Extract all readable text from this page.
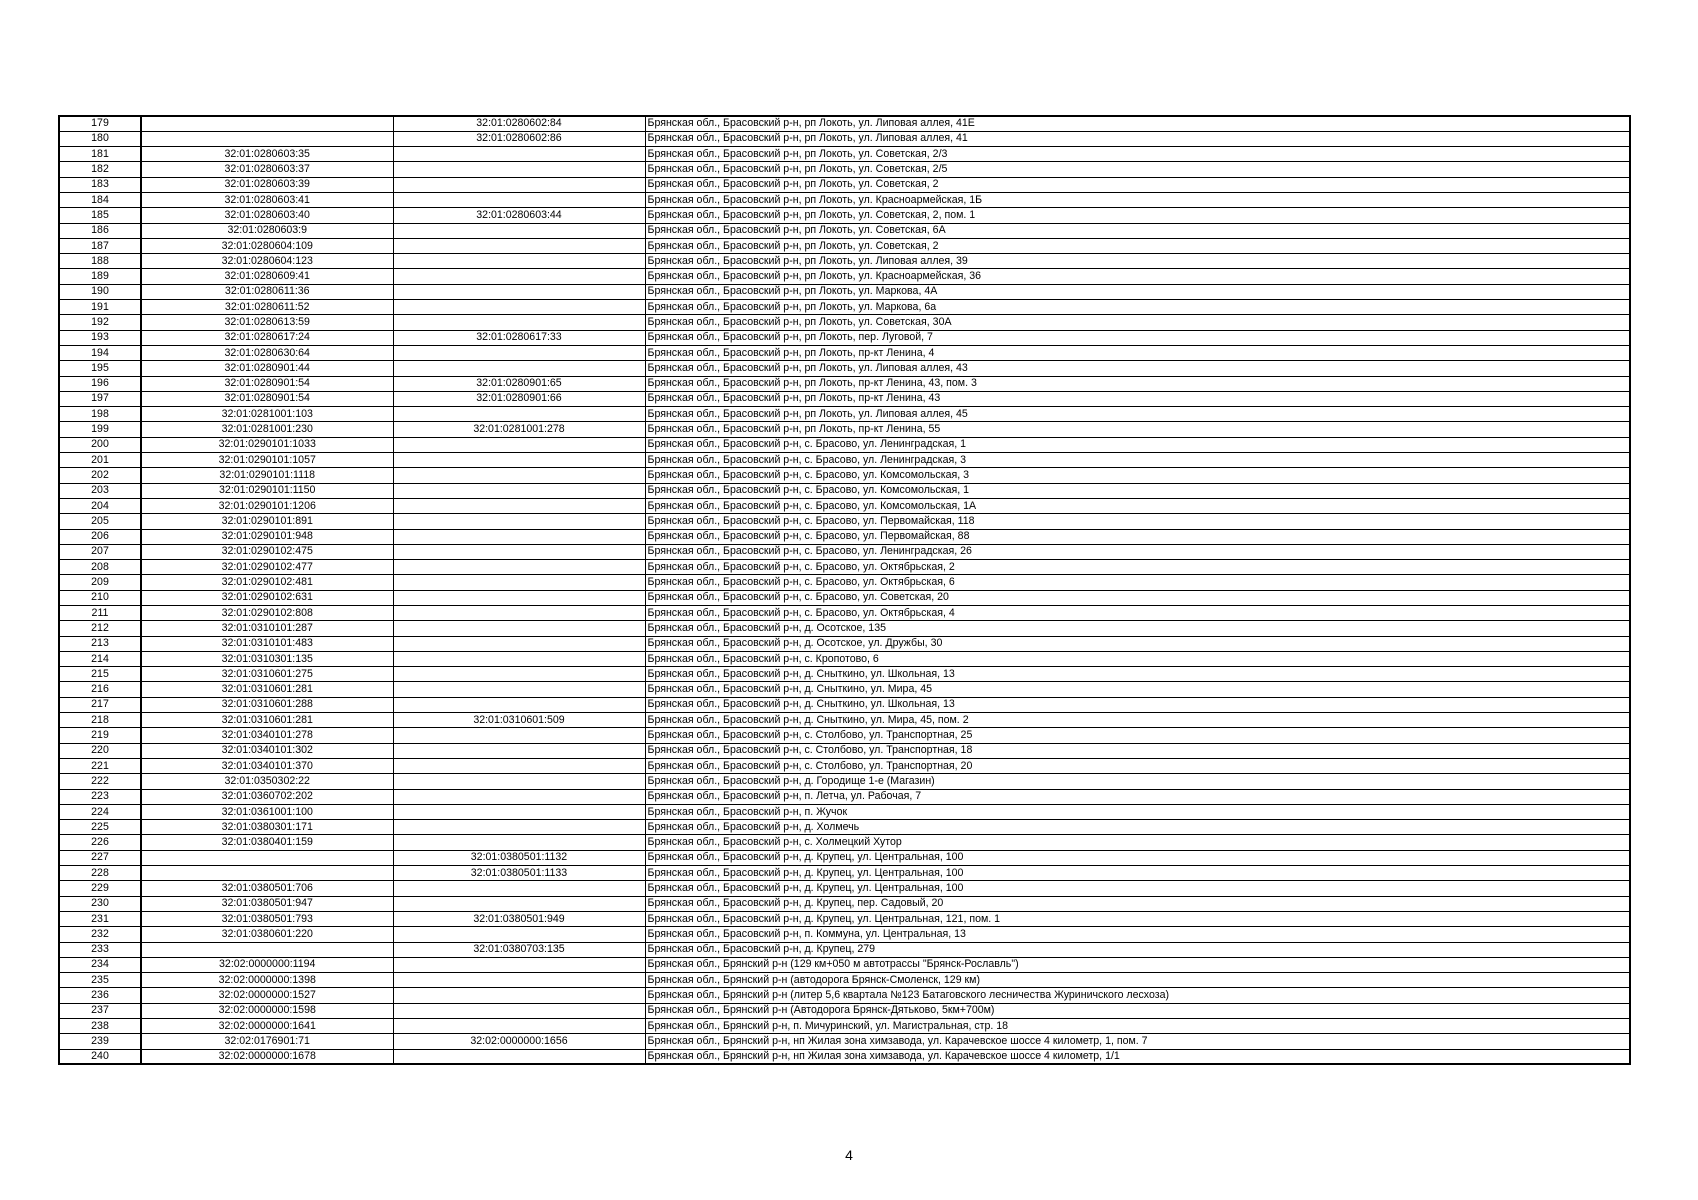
179		32:01:0280602:84	Брянская обл., Брасовский р-н, рп Локоть, ул. Липовая аллея, 41Е
180		32:01:0280602:86	Брянская обл., Брасовский р-н, рп Локоть, ул. Липовая аллея, 41
181	32:01:0280603:35		Брянская обл., Брасовский р-н, рп Локоть, ул. Советская, 2/3
182	32:01:0280603:37		Брянская обл., Брасовский р-н, рп Локоть, ул. Советская, 2/5
183	32:01:0280603:39		Брянская обл., Брасовский р-н, рп Локоть, ул. Советская, 2
184	32:01:0280603:41		Брянская обл., Брасовский р-н, рп Локоть, ул. Красноармейская, 1Б
185	32:01:0280603:40	32:01:0280603:44	Брянская обл., Брасовский р-н, рп Локоть, ул. Советская, 2, пом. 1
186	32:01:0280603:9		Брянская обл., Брасовский р-н, рп Локоть, ул. Советская, 6А
187	32:01:0280604:109		Брянская обл., Брасовский р-н, рп Локоть, ул. Советская, 2
188	32:01:0280604:123		Брянская обл., Брасовский р-н, рп Локоть, ул. Липовая аллея, 39
189	32:01:0280609:41		Брянская обл., Брасовский р-н, рп Локоть, ул. Красноармейская, 36
190	32:01:0280611:36		Брянская обл., Брасовский р-н, рп Локоть, ул. Маркова, 4А
191	32:01:0280611:52		Брянская обл., Брасовский р-н, рп Локоть, ул. Маркова, 6а
192	32:01:0280613:59		Брянская обл., Брасовский р-н, рп Локоть, ул. Советская, 30А
193	32:01:0280617:24	32:01:0280617:33	Брянская обл., Брасовский р-н, рп Локоть, пер. Луговой, 7
194	32:01:0280630:64		Брянская обл., Брасовский р-н, рп Локоть, пр-кт Ленина, 4
195	32:01:0280901:44		Брянская обл., Брасовский р-н, рп Локоть, ул. Липовая аллея, 43
196	32:01:0280901:54	32:01:0280901:65	Брянская обл., Брасовский р-н, рп Локоть, пр-кт Ленина, 43, пом. 3
197	32:01:0280901:54	32:01:0280901:66	Брянская обл., Брасовский р-н, рп Локоть, пр-кт Ленина, 43
198	32:01:0281001:103		Брянская обл., Брасовский р-н, рп Локоть, ул. Липовая аллея, 45
199	32:01:0281001:230	32:01:0281001:278	Брянская обл., Брасовский р-н, рп Локоть, пр-кт Ленина, 55
200	32:01:0290101:1033		Брянская обл., Брасовский р-н, с. Брасово, ул. Ленинградская, 1
201	32:01:0290101:1057		Брянская обл., Брасовский р-н, с. Брасово, ул. Ленинградская, 3
202	32:01:0290101:1118		Брянская обл., Брасовский р-н, с. Брасово, ул. Комсомольская, 3
203	32:01:0290101:1150		Брянская обл., Брасовский р-н, с. Брасово, ул. Комсомольская, 1
204	32:01:0290101:1206		Брянская обл., Брасовский р-н, с. Брасово, ул. Комсомольская, 1А
205	32:01:0290101:891		Брянская обл., Брасовский р-н, с. Брасово, ул. Первомайская, 118
206	32:01:0290101:948		Брянская обл., Брасовский р-н, с. Брасово, ул. Первомайская, 88
207	32:01:0290102:475		Брянская обл., Брасовский р-н, с. Брасово, ул. Ленинградская, 26
208	32:01:0290102:477		Брянская обл., Брасовский р-н, с. Брасово, ул. Октябрьская, 2
209	32:01:0290102:481		Брянская обл., Брасовский р-н, с. Брасово, ул. Октябрьская, 6
210	32:01:0290102:631		Брянская обл., Брасовский р-н, с. Брасово, ул. Советская, 20
211	32:01:0290102:808		Брянская обл., Брасовский р-н, с. Брасово, ул. Октябрьская, 4
212	32:01:0310101:287		Брянская обл., Брасовский р-н, д. Осотское, 135
213	32:01:0310101:483		Брянская обл., Брасовский р-н, д. Осотское, ул. Дружбы, 30
214	32:01:0310301:135		Брянская обл., Брасовский р-н, с. Кропотово, 6
215	32:01:0310601:275		Брянская обл., Брасовский р-н, д. Сныткино, ул. Школьная, 13
216	32:01:0310601:281		Брянская обл., Брасовский р-н, д. Сныткино, ул. Мира, 45
217	32:01:0310601:288		Брянская обл., Брасовский р-н, д. Сныткино, ул. Школьная, 13
218	32:01:0310601:281	32:01:0310601:509	Брянская обл., Брасовский р-н, д. Сныткино, ул. Мира, 45, пом. 2
219	32:01:0340101:278		Брянская обл., Брасовский р-н, с. Столбово, ул. Транспортная, 25
220	32:01:0340101:302		Брянская обл., Брасовский р-н, с. Столбово, ул. Транспортная, 18
221	32:01:0340101:370		Брянская обл., Брасовский р-н, с. Столбово, ул. Транспортная, 20
222	32:01:0350302:22		Брянская обл., Брасовский р-н, д. Городище 1-е (Магазин)
223	32:01:0360702:202		Брянская обл., Брасовский р-н, п. Летча, ул. Рабочая, 7
224	32:01:0361001:100		Брянская обл., Брасовский р-н, п. Жучок
225	32:01:0380301:171		Брянская обл., Брасовский р-н, д. Холмечь
226	32:01:0380401:159		Брянская обл., Брасовский р-н, с. Холмецкий Хутор
227		32:01:0380501:1132	Брянская обл., Брасовский р-н, д. Крупец, ул. Центральная, 100
228		32:01:0380501:1133	Брянская обл., Брасовский р-н, д. Крупец, ул. Центральная, 100
229	32:01:0380501:706		Брянская обл., Брасовский р-н, д. Крупец, ул. Центральная, 100
230	32:01:0380501:947		Брянская обл., Брасовский р-н, д. Крупец, пер. Садовый, 20
231	32:01:0380501:793	32:01:0380501:949	Брянская обл., Брасовский р-н, д. Крупец, ул. Центральная, 121, пом. 1
232	32:01:0380601:220		Брянская обл., Брасовский р-н, п. Коммуна, ул. Центральная, 13
233		32:01:0380703:135	Брянская обл., Брасовский р-н, д. Крупец, 279
234	32:02:0000000:1194		Брянская обл., Брянский р-н (129 км+050 м автотрассы "Брянск-Рославль")
235	32:02:0000000:1398		Брянская обл., Брянский р-н (автодорога Брянск-Смоленск, 129 км)
236	32:02:0000000:1527		Брянская обл., Брянский р-н (литер 5,6 квартала №123 Батаговского лесничества Журиничского лесхоза)
237	32:02:0000000:1598		Брянская обл., Брянский р-н (Автодорога Брянск-Дятьково, 5км+700м)
238	32:02:0000000:1641		Брянская обл., Брянский р-н, п. Мичуринский, ул. Магистральная, стр. 18
239	32:02:0176901:71	32:02:0000000:1656	Брянская обл., Брянский р-н, нп Жилая зона химзавода, ул. Карачевское шоссе 4 километр, 1, пом. 7
240	32:02:0000000:1678		Брянская обл., Брянский р-н, нп Жилая зона химзавода, ул. Карачевское шоссе 4 километр, 1/1
4
